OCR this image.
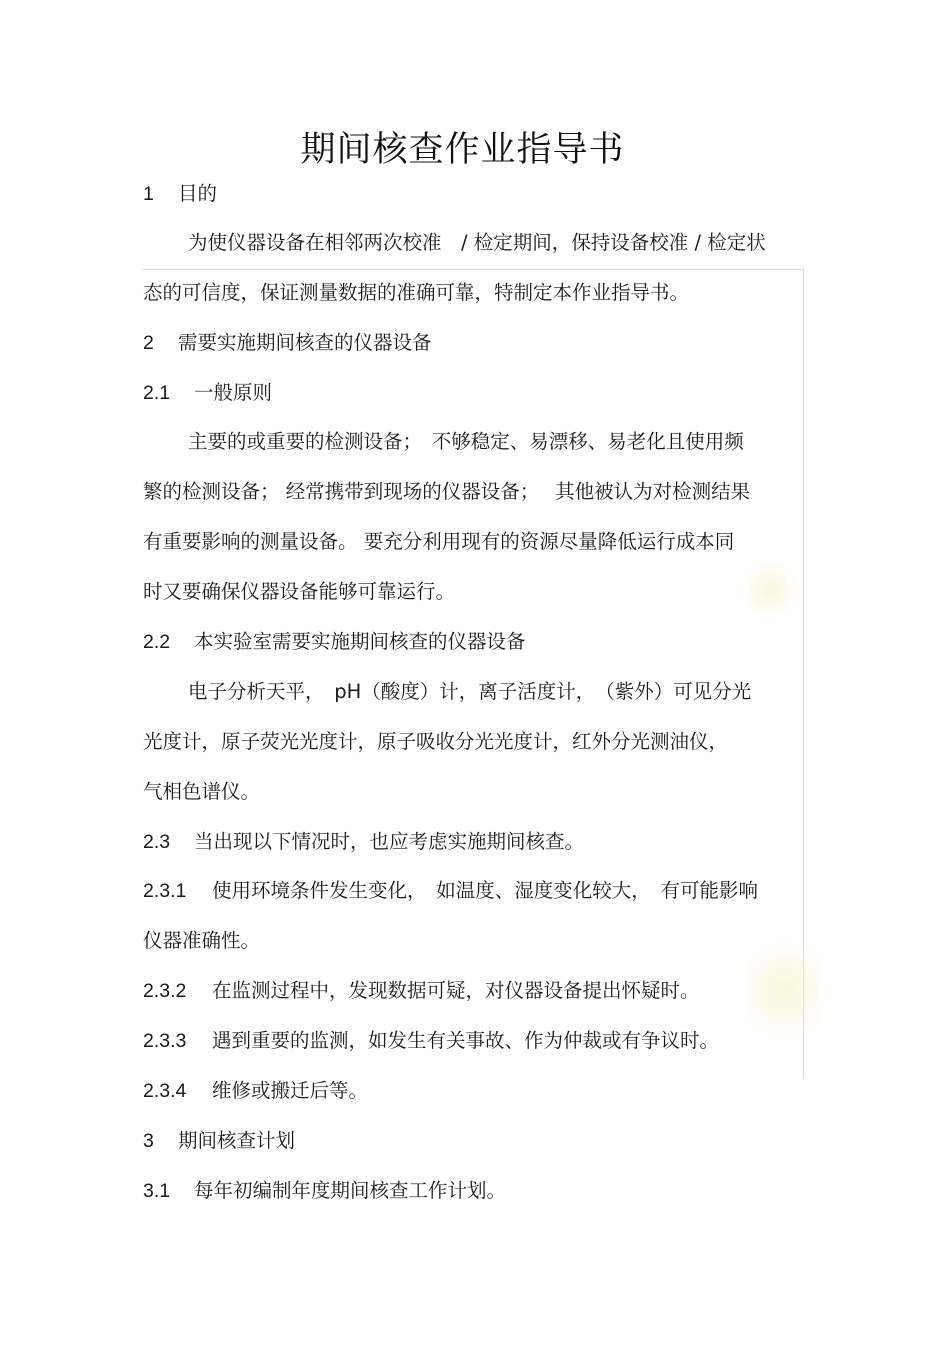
期间核查作业指导书
1 目的
为使仪器设备在相邻两次校准　/ 检定期间，保持设备校准 / 检定状
态的可信度，保证测量数据的准确可靠，特制定本作业指导书。
2 需要实施期间核查的仪器设备
2.1 一般原则
主要的或重要的检测设备；　不够稳定、易漂移、易老化且使用频
繁的检测设备； 经常携带到现场的仪器设备；　 其他被认为对检测结果
有重要影响的测量设备。 要充分利用现有的资源尽量降低运行成本同
时又要确保仪器设备能够可靠运行。
2.2 本实验室需要实施期间核查的仪器设备
电子分析天平，　pH（酸度）计，离子活度计，　（紫外）可见分光
光度计，原子荧光光度计，原子吸收分光光度计，红外分光测油仪，
气相色谱仪。
2.3 当出现以下情况时，也应考虑实施期间核查。
2.3.1 使用环境条件发生变化，　如温度、湿度变化较大，　有可能影响
仪器准确性。
2.3.2 在监测过程中，发现数据可疑，对仪器设备提出怀疑时。
2.3.3 遇到重要的监测，如发生有关事故、作为仲裁或有争议时。
2.3.4 维修或搬迁后等。
3 期间核查计划
3.1 每年初编制年度期间核查工作计划。
